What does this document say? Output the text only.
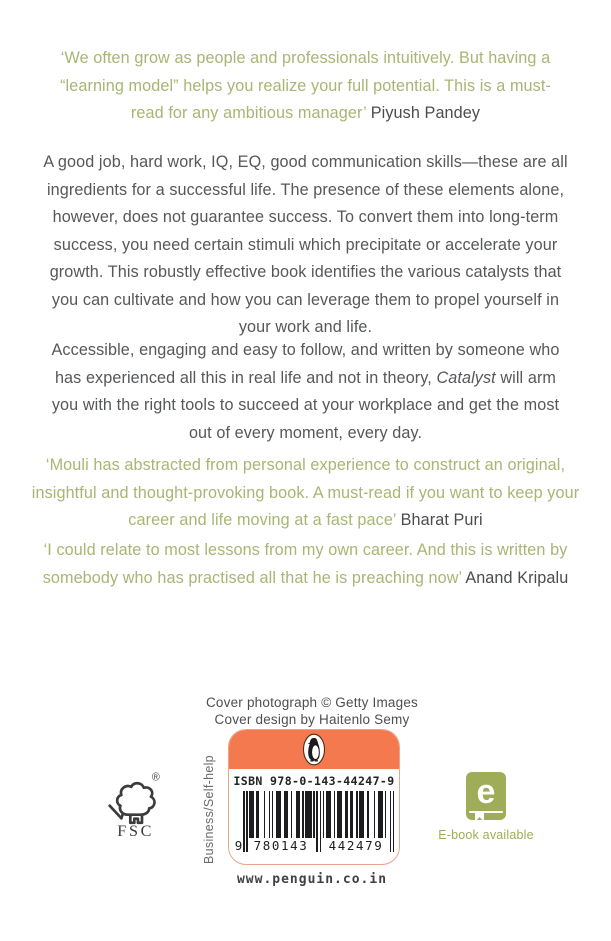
‘We often grow as people and professionals intuitively. But having a “learning model” helps you realize your full potential. This is a must-read for any ambitious manager’ Piyush Pandey
A good job, hard work, IQ, EQ, good communication skills—these are all ingredients for a successful life. The presence of these elements alone, however, does not guarantee success. To convert them into long-term success, you need certain stimuli which precipitate or accelerate your growth. This robustly effective book identifies the various catalysts that you can cultivate and how you can leverage them to propel yourself in your work and life.
Accessible, engaging and easy to follow, and written by someone who has experienced all this in real life and not in theory, Catalyst will arm you with the right tools to succeed at your workplace and get the most out of every moment, every day.
‘Mouli has abstracted from personal experience to construct an original, insightful and thought-provoking book. A must-read if you want to keep your career and life moving at a fast pace’ Bharat Puri
‘I could relate to most lessons from my own career. And this is written by somebody who has practised all that he is preaching now’ Anand Kripalu
Cover photograph © Getty Images
Cover design by Haitenlo Semy
Business/Self-help	ISBN 978-0-143-44247-9
9 780143	442479
®
FSC
e
E-book available
www.penguin.co.in
